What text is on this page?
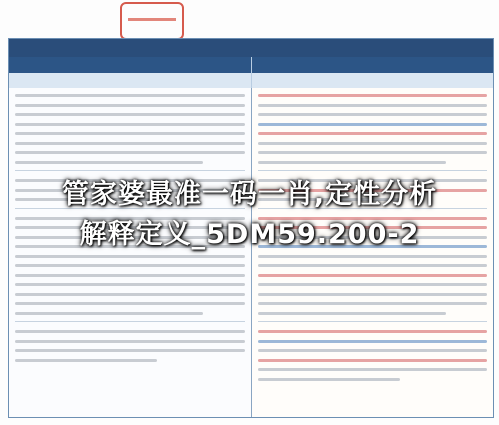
管家婆最准一码一肖,定性分析
解释定义_5DM59.200-2
